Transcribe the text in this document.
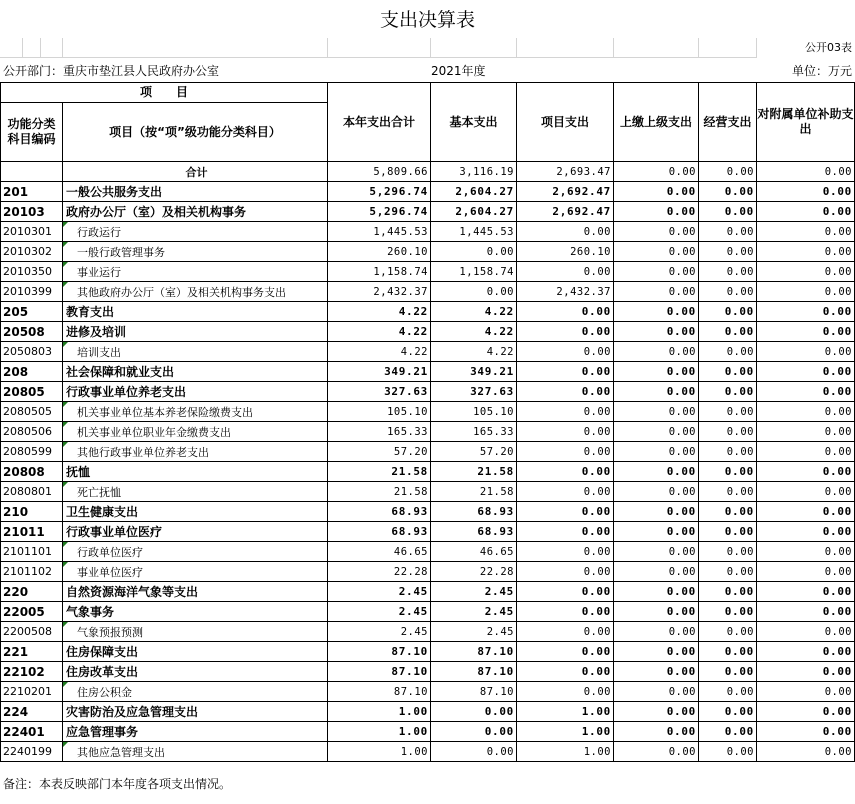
支出决算表
公开03表
公开部门：重庆市垫江县人民政府办公室	2021年度	单位：万元
项　　目		本年支出合计	基本支出	项目支出	上缴上级支出	经营支出	对附属单位补助支出
功能分类科目编码	项目（按“项”级功能分类科目）						
	合计	5,809.66	3,116.19	2,693.47	0.00	0.00	0.00
201	一般公共服务支出	5,296.74	2,604.27	2,692.47	0.00	0.00	0.00
20103	政府办公厅（室）及相关机构事务	5,296.74	2,604.27	2,692.47	0.00	0.00	0.00
2010301	行政运行	1,445.53	1,445.53	0.00	0.00	0.00	0.00
2010302	一般行政管理事务	260.10	0.00	260.10	0.00	0.00	0.00
2010350	事业运行	1,158.74	1,158.74	0.00	0.00	0.00	0.00
2010399	其他政府办公厅（室）及相关机构事务支出	2,432.37	0.00	2,432.37	0.00	0.00	0.00
205	教育支出	4.22	4.22	0.00	0.00	0.00	0.00
20508	进修及培训	4.22	4.22	0.00	0.00	0.00	0.00
2050803	培训支出	4.22	4.22	0.00	0.00	0.00	0.00
208	社会保障和就业支出	349.21	349.21	0.00	0.00	0.00	0.00
20805	行政事业单位养老支出	327.63	327.63	0.00	0.00	0.00	0.00
2080505	机关事业单位基本养老保险缴费支出	105.10	105.10	0.00	0.00	0.00	0.00
2080506	机关事业单位职业年金缴费支出	165.33	165.33	0.00	0.00	0.00	0.00
2080599	其他行政事业单位养老支出	57.20	57.20	0.00	0.00	0.00	0.00
20808	抚恤	21.58	21.58	0.00	0.00	0.00	0.00
2080801	死亡抚恤	21.58	21.58	0.00	0.00	0.00	0.00
210	卫生健康支出	68.93	68.93	0.00	0.00	0.00	0.00
21011	行政事业单位医疗	68.93	68.93	0.00	0.00	0.00	0.00
2101101	行政单位医疗	46.65	46.65	0.00	0.00	0.00	0.00
2101102	事业单位医疗	22.28	22.28	0.00	0.00	0.00	0.00
220	自然资源海洋气象等支出	2.45	2.45	0.00	0.00	0.00	0.00
22005	气象事务	2.45	2.45	0.00	0.00	0.00	0.00
2200508	气象预报预测	2.45	2.45	0.00	0.00	0.00	0.00
221	住房保障支出	87.10	87.10	0.00	0.00	0.00	0.00
22102	住房改革支出	87.10	87.10	0.00	0.00	0.00	0.00
2210201	住房公积金	87.10	87.10	0.00	0.00	0.00	0.00
224	灾害防治及应急管理支出	1.00	0.00	1.00	0.00	0.00	0.00
22401	应急管理事务	1.00	0.00	1.00	0.00	0.00	0.00
2240199	其他应急管理支出	1.00	0.00	1.00	0.00	0.00	0.00
备注：本表反映部门本年度各项支出情况。
